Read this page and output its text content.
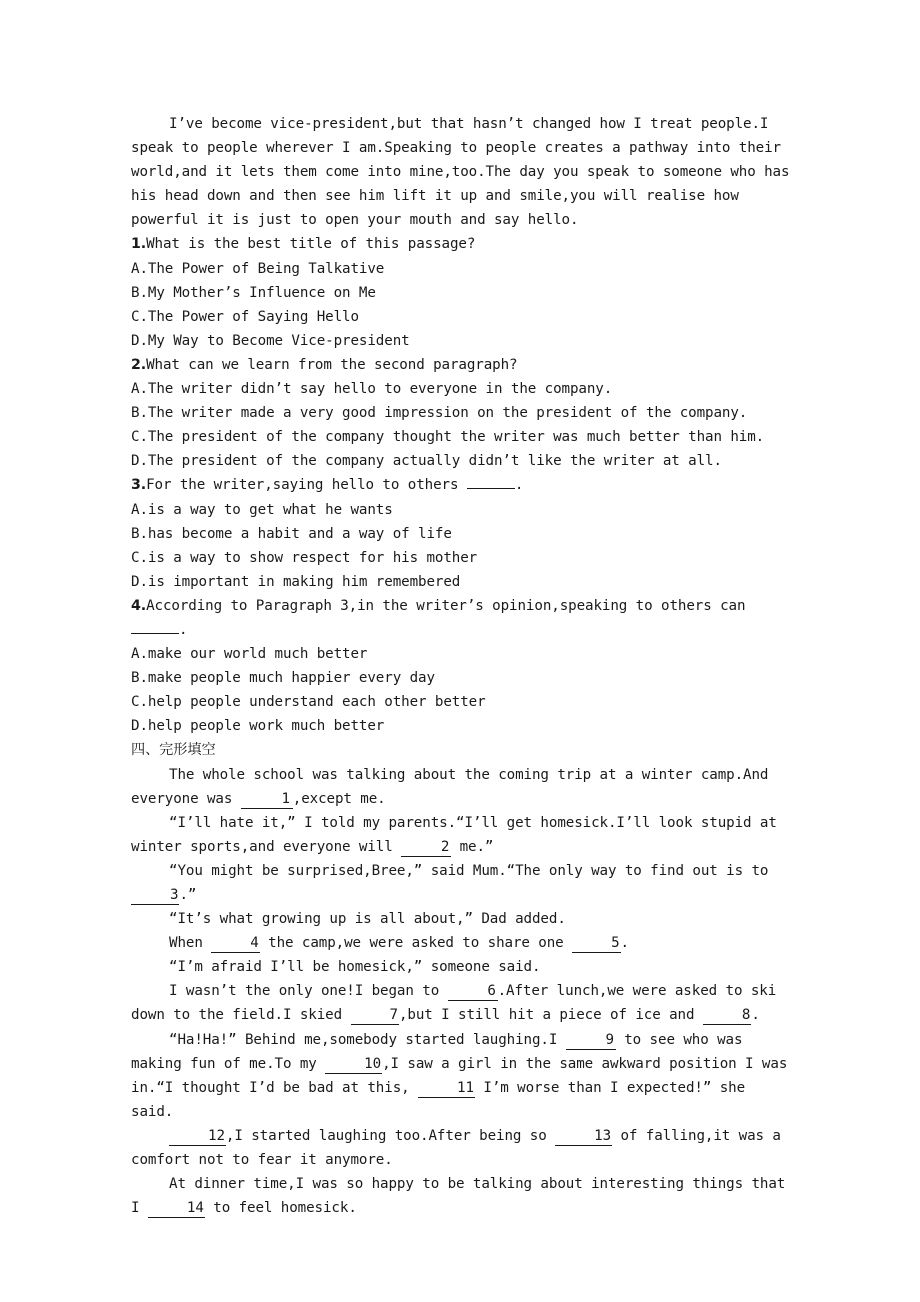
I’ve become vice-president,but that hasn’t changed how I treat people.I speak to people wherever I am.Speaking to people creates a pathway into their world,and it lets them come into mine,too.The day you speak to someone who has his head down and then see him lift it up and smile,you will realise how powerful it is just to open your mouth and say hello.

1.What is the best title of this passage?

A.The Power of Being Talkative

B.My Mother’s Influence on Me

C.The Power of Saying Hello

D.My Way to Become Vice-president

2.What can we learn from the second paragraph?

A.The writer didn’t say hello to everyone in the company.

B.The writer made a very good impression on the president of the company.

C.The president of the company thought the writer was much better than him.

D.The president of the company actually didn’t like the writer at all.

3.For the writer,saying hello to others	.

A.is a way to get what he wants

B.has become a habit and a way of life

C.is a way to show respect for his mother

D.is important in making him remembered

4.According to Paragraph 3,in the writer’s opinion,speaking to others can .

A.make our world much better

B.make people much happier every day

C.help people understand each other better

D.help people work much better

四、完形填空

The whole school was talking about the coming trip at a winter camp.And everyone was	1 ,except me.

“I’ll hate it,” I told my parents.“I’ll get homesick.I’ll look stupid at winter sports,and everyone will	2 me.”

“You might be surprised,Bree,” said Mum.“The only way to find out is to 3.”

“It’s what growing up is all about,” Dad added.

When	4 the camp,we were asked to share one	5.

“I’m afraid I’ll be homesick,” someone said.

I wasn’t the only one!I began to	6 .After lunch,we were asked to ski down to the field.I skied	7,but I still hit a piece of ice and	8.

“Ha!Ha!” Behind me,somebody started laughing.I	9 to see who was making fun of me.To my	10,I saw a girl in the same awkward position I was in.“I thought I’d be bad at this,	11 I’m worse than I expected!” she said.

12,I started laughing too.After being so	13 of falling,it was a comfort not to fear it anymore.

At dinner time,I was so happy to be talking about interesting things that I	14 to feel homesick.
